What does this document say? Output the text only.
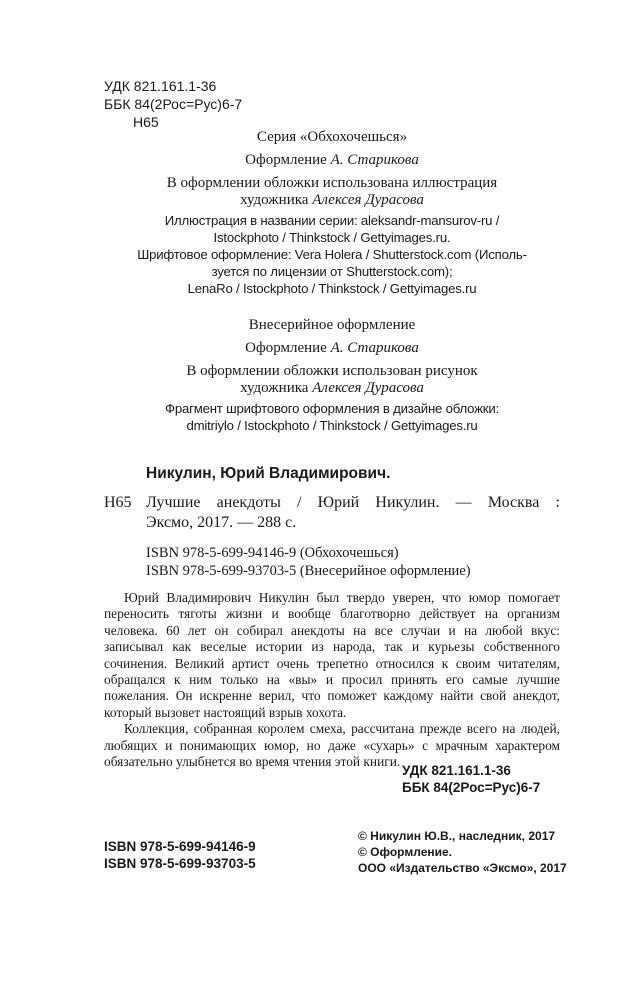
УДК 821.161.1-36
ББК 84(2Рос=Рус)6-7
Н65
Серия «Обхохочешься»
Оформление А. Старикова
В оформлении обложки использована иллюстрация
художника Алексея Дурасова
Иллюстрация в названии серии: aleksandr-mansurov-ru /
Istockphoto / Thinkstock / Gettyimages.ru.
Шрифтовое оформление: Vera Holera / Shutterstock.com (Исполь-
зуется по лицензии от Shutterstock.com);
LenaRo / Istockphoto / Thinkstock / Gettyimages.ru
Внесерийное оформление
Оформление А. Старикова
В оформлении обложки использован рисунок
художника Алексея Дурасова
Фрагмент шрифтового оформления в дизайне обложки:
dmitriylo / Istockphoto / Thinkstock / Gettyimages.ru
Никулин, Юрий Владимирович.
Н65 Лучшие анекдоты / Юрий Никулин. — Москва :
Эксмо, 2017. — 288 с.
ISBN 978-5-699-94146-9 (Обхохочешься)
ISBN 978-5-699-93703-5 (Внесерийное оформление)

Юрий Владимирович Никулин был твердо уверен, что юмор помогает переносить тяготы жизни и вообще благотворно действует на организм человека. 60 лет он собирал анекдоты на все случаи и на любой вкус: записывал как веселые истории из народа, так и курьезы собственного сочинения. Великий артист очень трепетно относился к своим читателям, обращался к ним только на «вы» и просил принять его самые лучшие пожелания. Он искренне верил, что поможет каждому найти свой анекдот, который вызовет настоящий взрыв хохота.

Коллекция, собранная королем смеха, рассчитана прежде всего на людей, любящих и понимающих юмор, но даже «сухарь» с мрачным характером обязательно улыбнется во время чтения этой книги.

УДК 821.161.1-36
ББК 84(2Рос=Рус)6-7
ISBN 978-5-699-94146-9
ISBN 978-5-699-93703-5
© Никулин Ю.В., наследник, 2017
© Оформление.
ООО «Издательство «Эксмо», 2017
